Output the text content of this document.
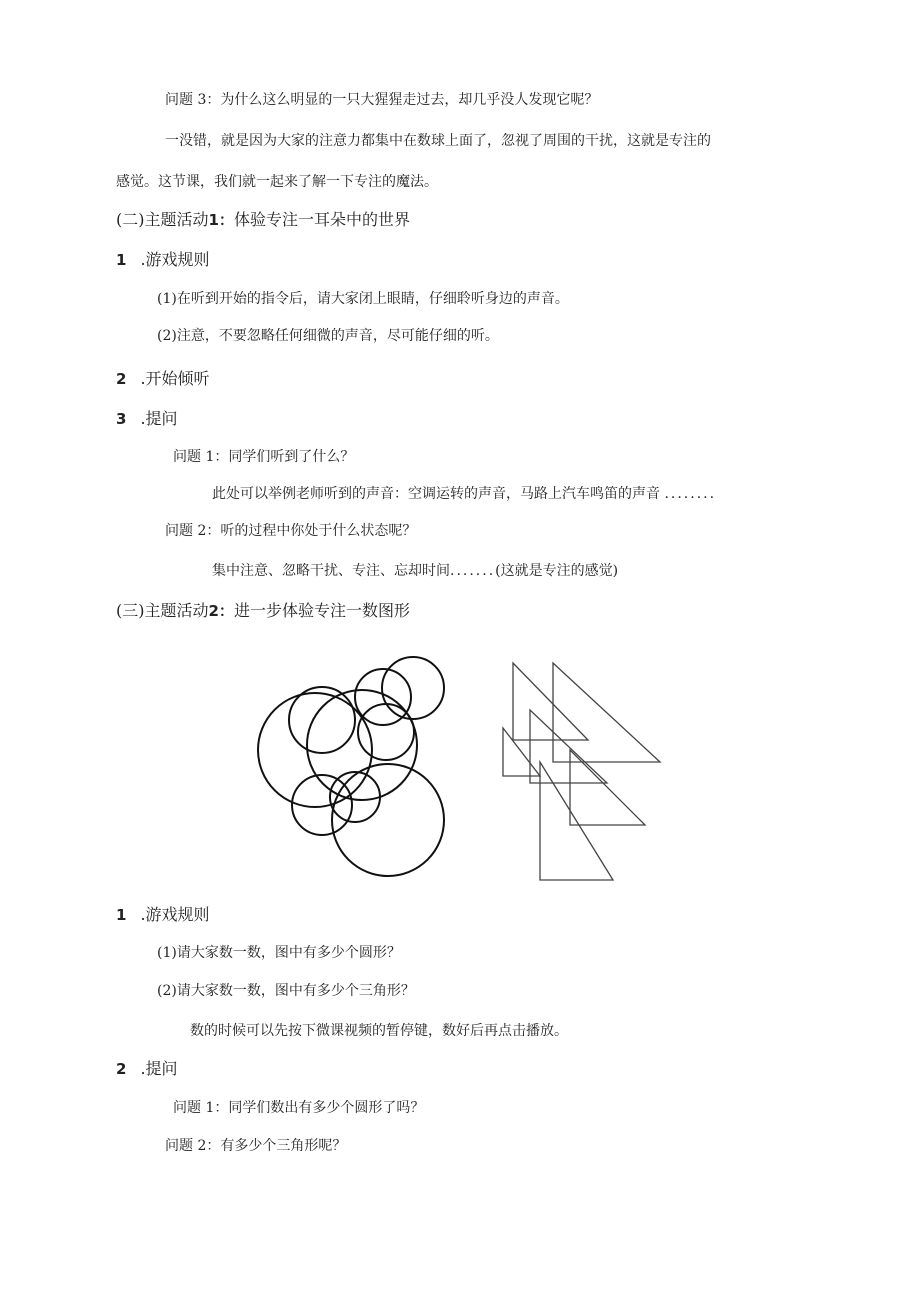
问题 3：为什么这么明显的一只大猩猩走过去，却几乎没人发现它呢？
一没错，就是因为大家的注意力都集中在数球上面了，忽视了周围的干扰，这就是专注的
感觉。这节课，我们就一起来了解一下专注的魔法。
(二)主题活动1：体验专注一耳朵中的世界
1 .游戏规则
(1)在听到开始的指令后，请大家闭上眼睛，仔细聆听身边的声音。
(2)注意，不要忽略任何细微的声音，尽可能仔细的听。
2 .开始倾听
3 .提问
问题 1：同学们听到了什么？
此处可以举例老师听到的声音：空调运转的声音，马路上汽车鸣笛的声音 ........
问题 2：听的过程中你处于什么状态呢？
集中注意、忽略干扰、专注、忘却时间.......(这就是专注的感觉)
(三)主题活动2：进一步体验专注一数图形
1 .游戏规则
(1)请大家数一数，图中有多少个圆形？
(2)请大家数一数，图中有多少个三角形？
数的时候可以先按下微课视频的暂停键，数好后再点击播放。
2 .提问
问题 1：同学们数出有多少个圆形了吗？
问题 2：有多少个三角形呢？
